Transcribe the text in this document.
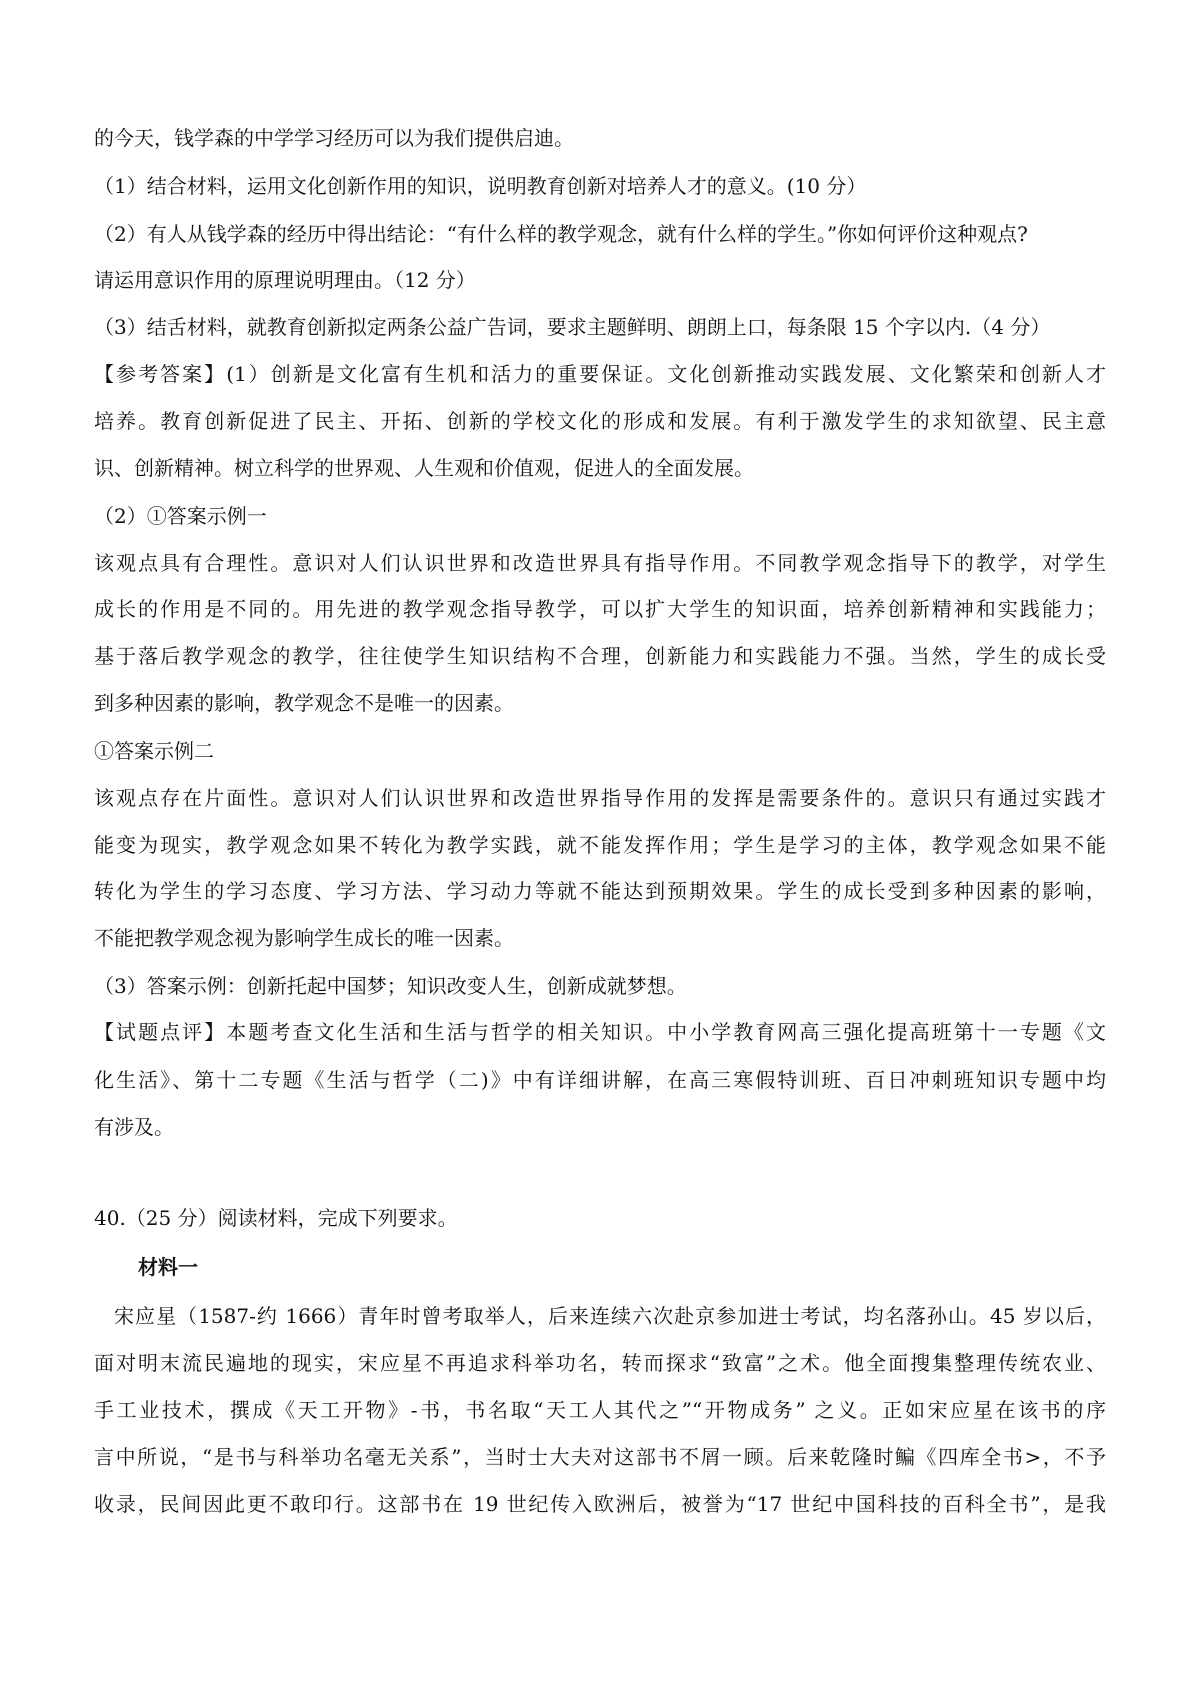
的今天，钱学森的中学学习经历可以为我们提供启迪。
（1）结合材料，运用文化创新作用的知识，说明教育创新对培养人才的意义。(10 分）
（2）有人从钱学森的经历中得出结论：“有什么样的教学观念，就有什么样的学生。”你如何评价这种观点?
请运用意识作用的原理说明理由。（12 分）
（3）结舌材料，就教育创新拟定两条公益广告词，要求主题鲜明、朗朗上口，每条限 15 个字以内.（4 分）
【参考答案】(1）创新是文化富有生机和活力的重要保证。文化创新推动实践发展、文化繁荣和创新人才
培养。教育创新促进了民主、开拓、创新的学校文化的形成和发展。有利于激发学生的求知欲望、民主意
识、创新精神。树立科学的世界观、人生观和价值观，促进人的全面发展。
（2）①答案示例一
该观点具有合理性。意识对人们认识世界和改造世界具有指导作用。不同教学观念指导下的教学，对学生
成长的作用是不同的。用先进的教学观念指导教学，可以扩大学生的知识面，培养创新精神和实践能力；
基于落后教学观念的教学，往往使学生知识结构不合理，创新能力和实践能力不强。当然，学生的成长受
到多种因素的影响，教学观念不是唯一的因素。
①答案示例二
该观点存在片面性。意识对人们认识世界和改造世界指导作用的发挥是需要条件的。意识只有通过实践才
能变为现实，教学观念如果不转化为教学实践，就不能发挥作用；学生是学习的主体，教学观念如果不能
转化为学生的学习态度、学习方法、学习动力等就不能达到预期效果。学生的成长受到多种因素的影响，
不能把教学观念视为影响学生成长的唯一因素。
（3）答案示例：创新托起中国梦；知识改变人生，创新成就梦想。
【试题点评】本题考查文化生活和生活与哲学的相关知识。中小学教育网高三强化提高班第十一专题《文
化生活》、第十二专题《生活与哲学（二)》中有详细讲解，在高三寒假特训班、百日冲刺班知识专题中均
有涉及。
40.（25 分）阅读材料，完成下列要求。
材料一
宋应星（1587-约 1666）青年时曾考取举人，后来连续六次赴京参加进士考试，均名落孙山。45 岁以后，
面对明末流民遍地的现实，宋应星不再追求科举功名，转而探求“致富”之术。他全面搜集整理传统农业、
手工业技术，撰成《天工开物》-书，书名取“天工人其代之”“开物成务” 之义。正如宋应星在该书的序
言中所说，“是书与科举功名毫无关系”，当时士大夫对这部书不屑一顾。后来乾隆时鳊《四库全书>，不予
收录，民间因此更不敢印行。这部书在 19 世纪传入欧洲后，被誉为“17 世纪中国科技的百科全书”，是我
